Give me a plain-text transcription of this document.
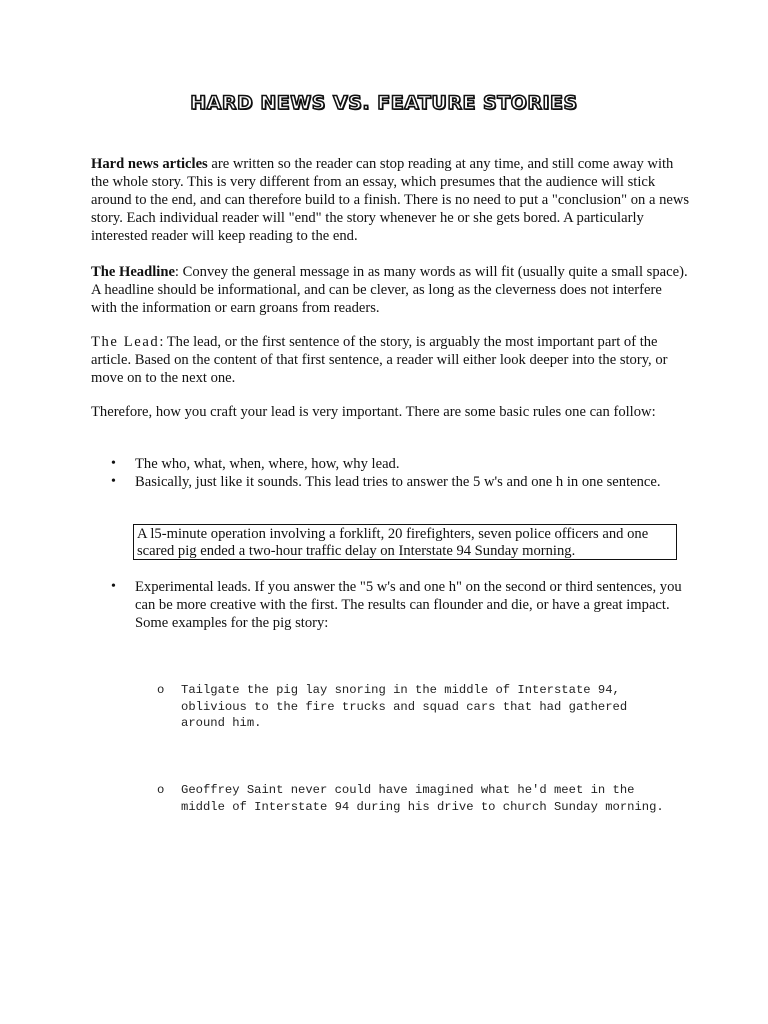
HARD NEWS VS. FEATURE STORIES
Hard news articles are written so the reader can stop reading at any time, and still come away with the whole story. This is very different from an essay, which presumes that the audience will stick around to the end, and can therefore build to a finish. There is no need to put a "conclusion" on a news story. Each individual reader will "end" the story whenever he or she gets bored. A particularly interested reader will keep reading to the end.
The Headline: Convey the general message in as many words as will fit (usually quite a small space). A headline should be informational, and can be clever, as long as the cleverness does not interfere with the information or earn groans from readers.
The Lead: The lead, or the first sentence of the story, is arguably the most important part of the article. Based on the content of that first sentence, a reader will either look deeper into the story, or move on to the next one.
Therefore, how you craft your lead is very important. There are some basic rules one can follow:
• The who, what, when, where, how, why lead.
• Basically, just like it sounds. This lead tries to answer the 5 w's and one h in one sentence.
A l5-minute operation involving a forklift, 20 firefighters, seven police officers and one scared pig ended a two-hour traffic delay on Interstate 94 Sunday morning.
• Experimental leads. If you answer the "5 w's and one h" on the second or third sentences, you can be more creative with the first. The results can flounder and die, or have a great impact. Some examples for the pig story:
o Tailgate the pig lay snoring in the middle of Interstate 94, oblivious to the fire trucks and squad cars that had gathered around him.
o Geoffrey Saint never could have imagined what he'd meet in the middle of Interstate 94 during his drive to church Sunday morning.
